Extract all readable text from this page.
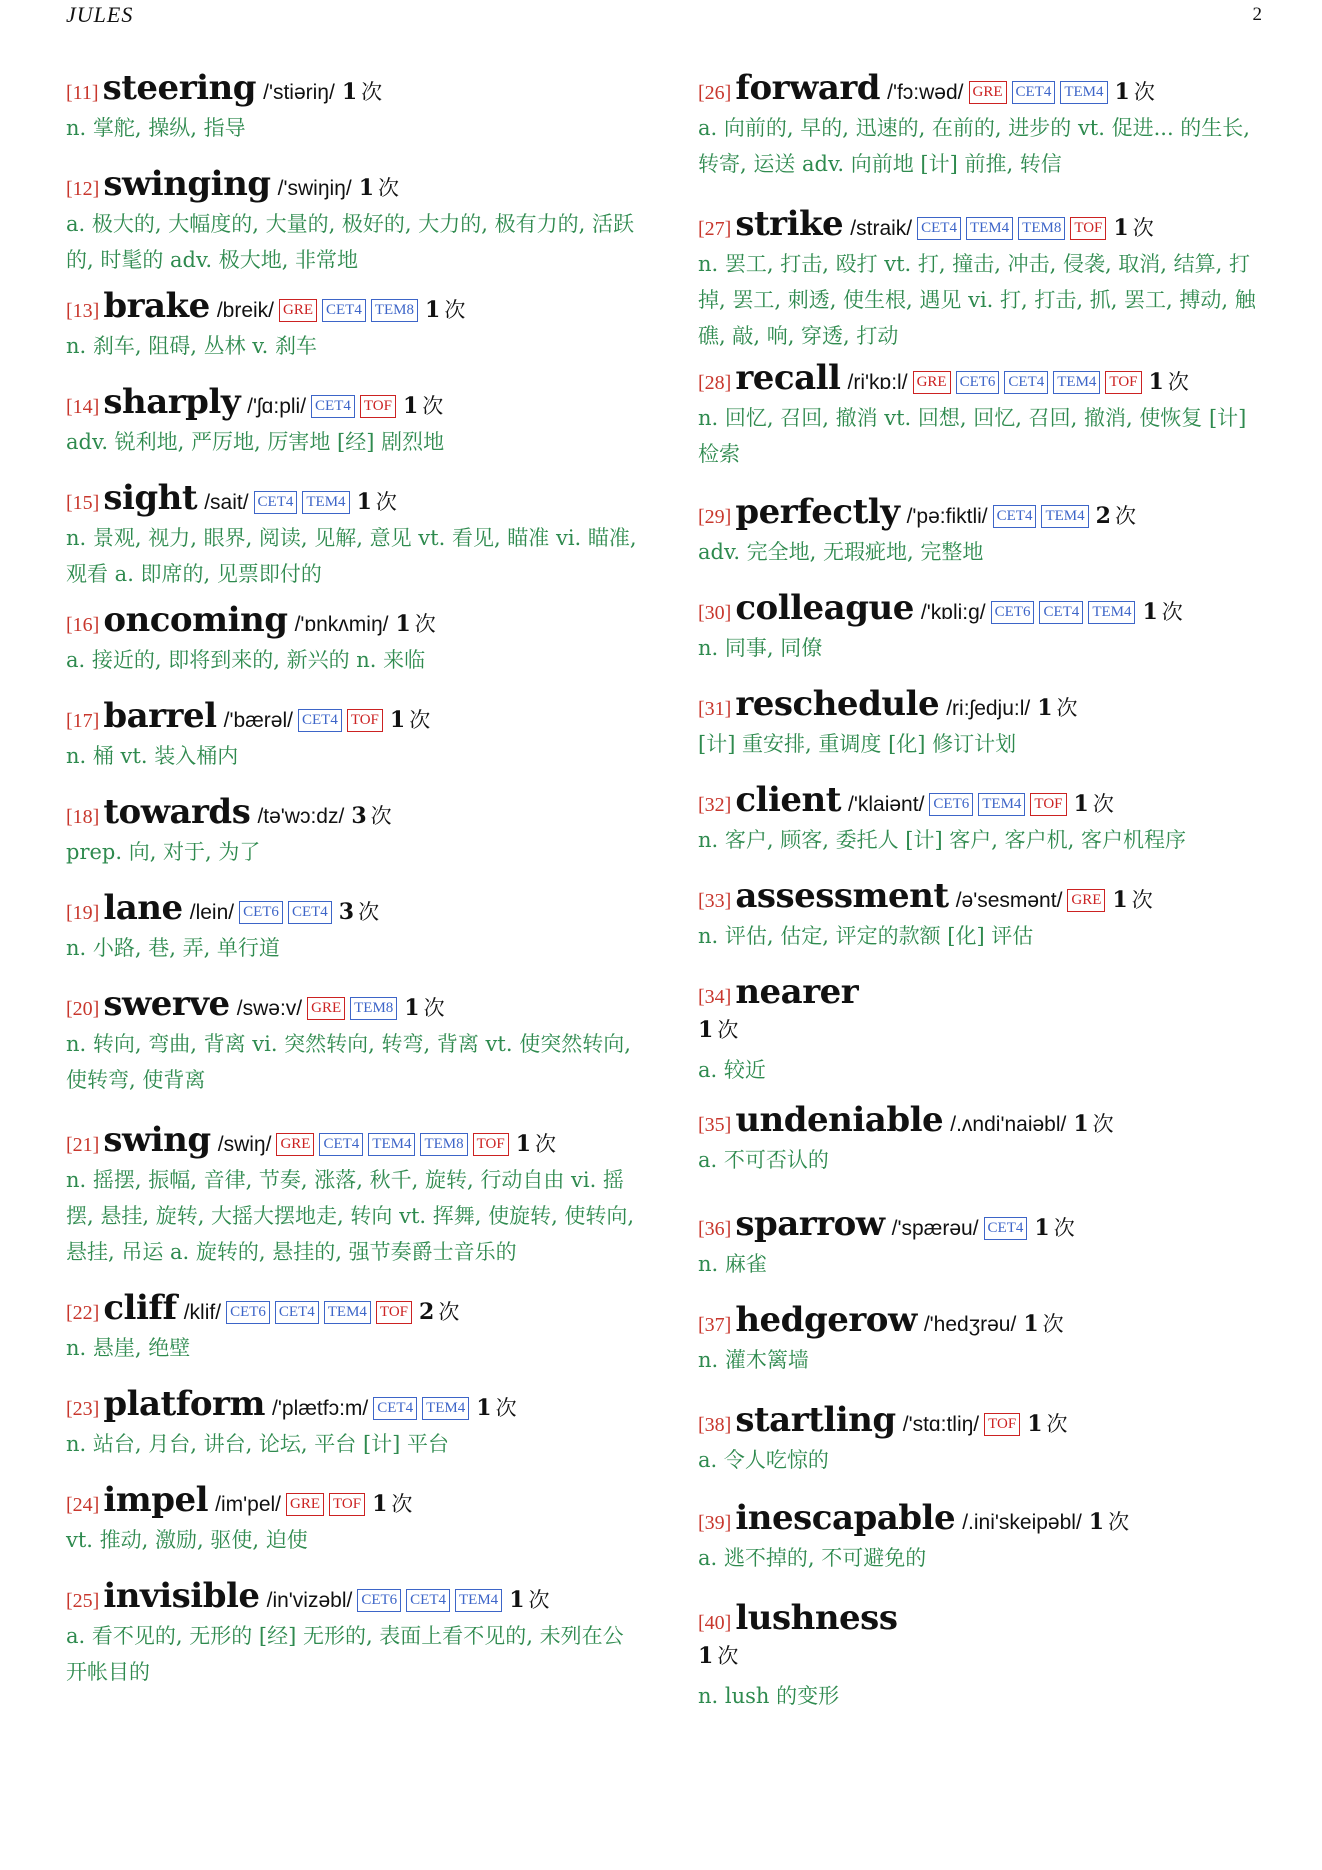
JULES	2
[11] steering /'stiəriŋ/ 1 次
n. 掌舵, 操纵, 指导
[12] swinging /'swiŋiŋ/ 1 次
a. 极大的, 大幅度的, 大量的, 极好的, 大力的, 极有力的, 活跃的, 时髦的 adv. 极大地, 非常地
[13] brake /breik/ GRE CET4 TEM8 1 次
n. 刹车, 阻碍, 丛林 v. 刹车
[14] sharply /'ʃɑ:pli/ CET4 TOF 1 次
adv. 锐利地, 严厉地, 厉害地 [经] 剧烈地
[15] sight /sait/ CET4 TEM4 1 次
n. 景观, 视力, 眼界, 阅读, 见解, 意见 vt. 看见, 瞄准 vi. 瞄准, 观看 a. 即席的, 见票即付的
[16] oncoming /'ɒnkʌmiŋ/ 1 次
a. 接近的, 即将到来的, 新兴的 n. 来临
[17] barrel /'bærəl/ CET4 TOF 1 次
n. 桶 vt. 装入桶内
[18] towards /tə'wɔ:dz/ 3 次
prep. 向, 对于, 为了
[19] lane /lein/ CET6 CET4 3 次
n. 小路, 巷, 弄, 单行道
[20] swerve /swə:v/ GRE TEM8 1 次
n. 转向, 弯曲, 背离 vi. 突然转向, 转弯, 背离 vt. 使突然转向, 使转弯, 使背离
[21] swing /swiŋ/ GRE CET4 TEM4 TEM8 TOF 1 次
n. 摇摆, 振幅, 音律, 节奏, 涨落, 秋千, 旋转, 行动自由 vi. 摇摆, 悬挂, 旋转, 大摇大摆地走, 转向 vt. 挥舞, 使旋转, 使转向, 悬挂, 吊运 a. 旋转的, 悬挂的, 强节奏爵士音乐的
[22] cliff /klif/ CET6 CET4 TEM4 TOF 2 次
n. 悬崖, 绝壁
[23] platform /'plætfɔ:m/ CET4 TEM4 1 次
n. 站台, 月台, 讲台, 论坛, 平台 [计] 平台
[24] impel /im'pel/ GRE TOF 1 次
vt. 推动, 激励, 驱使, 迫使
[25] invisible /in'vizəbl/ CET6 CET4 TEM4 1 次
a. 看不见的, 无形的 [经] 无形的, 表面上看不见的, 未列在公开帐目的
[26] forward /'fɔ:wəd/ GRE CET4 TEM4 1 次
a. 向前的, 早的, 迅速的, 在前的, 进步的 vt. 促进... 的生长, 转寄, 运送 adv. 向前地 [计] 前推, 转信
[27] strike /straik/ CET4 TEM4 TEM8 TOF 1 次
n. 罢工, 打击, 殴打 vt. 打, 撞击, 冲击, 侵袭, 取消, 结算, 打掉, 罢工, 刺透, 使生根, 遇见 vi. 打, 打击, 抓, 罢工, 搏动, 触礁, 敲, 响, 穿透, 打动
[28] recall /ri'kɒ:l/ GRE CET6 CET4 TEM4 TOF 1 次
n. 回忆, 召回, 撤消 vt. 回想, 回忆, 召回, 撤消, 使恢复 [计] 检索
[29] perfectly /'pə:fiktli/ CET4 TEM4 2 次
adv. 完全地, 无瑕疵地, 完整地
[30] colleague /'kɒli:g/ CET6 CET4 TEM4 1 次
n. 同事, 同僚
[31] reschedule /ri:ʃedju:l/ 1 次
[计] 重安排, 重调度 [化] 修订计划
[32] client /'klaiənt/ CET6 TEM4 TOF 1 次
n. 客户, 顾客, 委托人 [计] 客户, 客户机, 客户机程序
[33] assessment /ə'sesmənt/ GRE 1 次
n. 评估, 估定, 评定的款额 [化] 评估
[34] nearer
1 次
a. 较近
[35] undeniable /.ʌndi'naiəbl/ 1 次
a. 不可否认的
[36] sparrow /'spærəu/ CET4 1 次
n. 麻雀
[37] hedgerow /'hedʒrəu/ 1 次
n. 灌木篱墙
[38] startling /'stɑ:tliŋ/ TOF 1 次
a. 令人吃惊的
[39] inescapable /.ini'skeipəbl/ 1 次
a. 逃不掉的, 不可避免的
[40] lushness
1 次
n. lush 的变形
